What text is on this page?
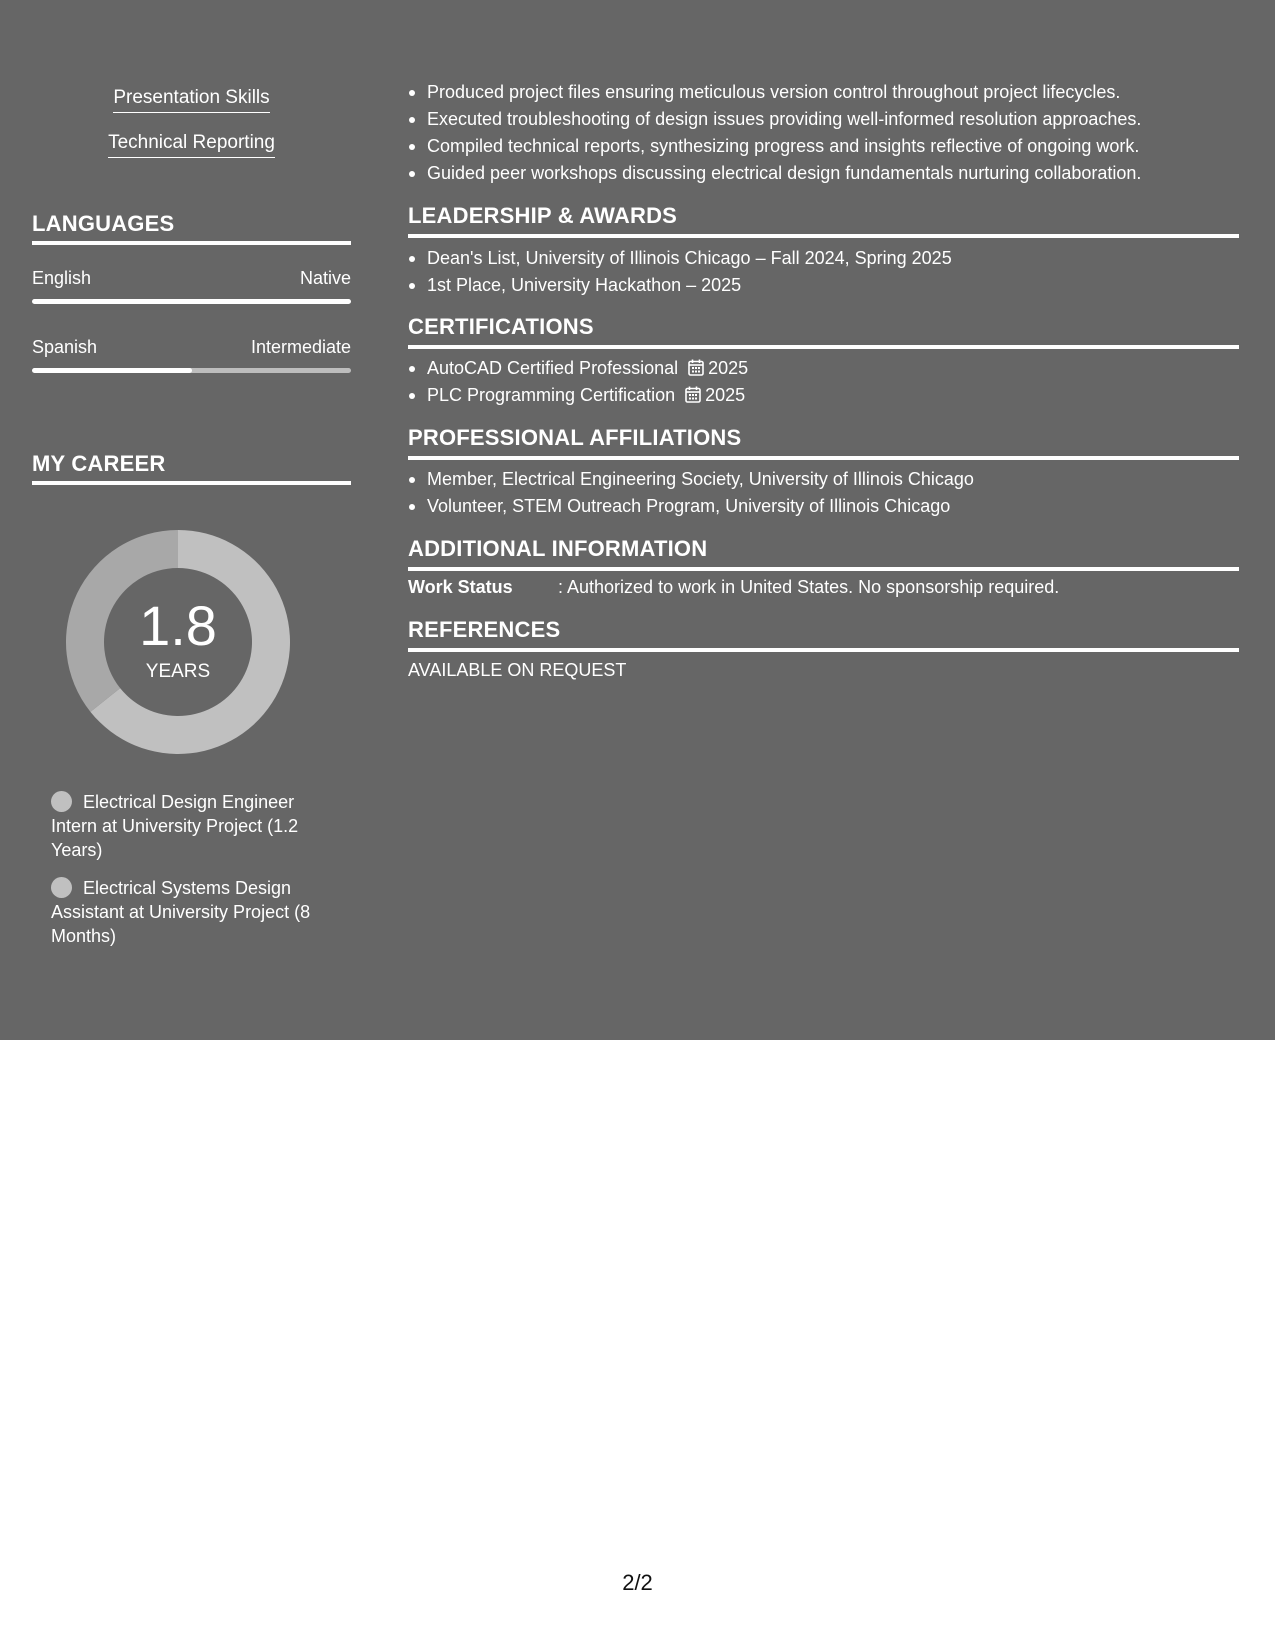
Presentation Skills
Technical Reporting
LANGUAGES
English	Native
Spanish	Intermediate
MY CAREER
1.8
YEARS
Electrical Design Engineer Intern at University Project (1.2 Years)
Electrical Systems Design Assistant at University Project (8 Months)
Produced project files ensuring meticulous version control throughout project lifecycles.
Executed troubleshooting of design issues providing well-informed resolution approaches.
Compiled technical reports, synthesizing progress and insights reflective of ongoing work.
Guided peer workshops discussing electrical design fundamentals nurturing collaboration.
LEADERSHIP & AWARDS
Dean's List, University of Illinois Chicago – Fall 2024, Spring 2025
1st Place, University Hackathon – 2025
CERTIFICATIONS
AutoCAD Certified Professional 2025
PLC Programming Certification 2025
PROFESSIONAL AFFILIATIONS
Member, Electrical Engineering Society, University of Illinois Chicago
Volunteer, STEM Outreach Program, University of Illinois Chicago
ADDITIONAL INFORMATION
Work Status	: Authorized to work in United States. No sponsorship required.
REFERENCES
AVAILABLE ON REQUEST
2/2
